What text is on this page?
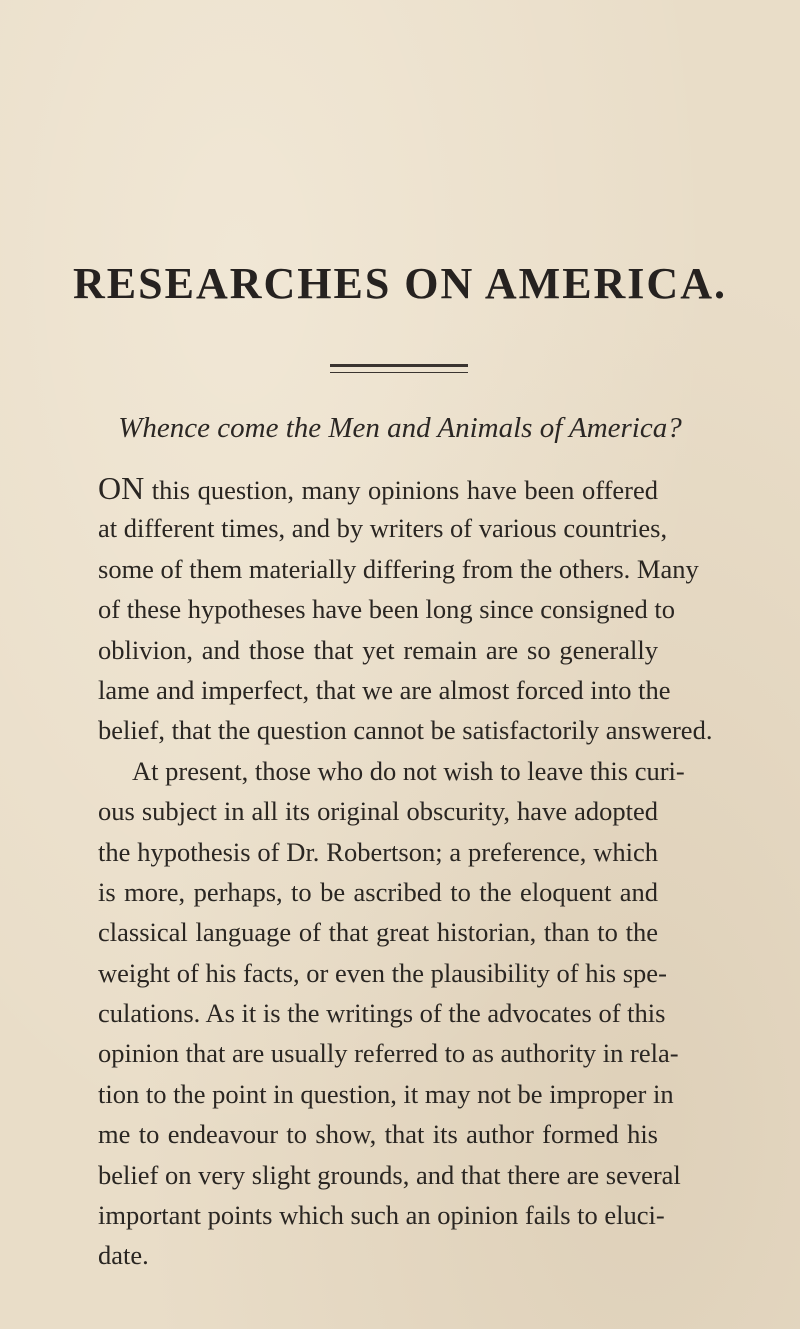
RESEARCHES ON AMERICA.
Whence come the Men and Animals of America?
ON this question, many opinions have been offered
at different times, and by writers of various countries,
some of them materially differing from the others. Many
of these hypotheses have been long since consigned to
oblivion, and those that yet remain are so generally
lame and imperfect, that we are almost forced into the
belief, that the question cannot be satisfactorily answered.
At present, those who do not wish to leave this curi-
ous subject in all its original obscurity, have adopted
the hypothesis of Dr. Robertson; a preference, which
is more, perhaps, to be ascribed to the eloquent and
classical language of that great historian, than to the
weight of his facts, or even the plausibility of his spe-
culations. As it is the writings of the advocates of this
opinion that are usually referred to as authority in rela-
tion to the point in question, it may not be improper in
me to endeavour to show, that its author formed his
belief on very slight grounds, and that there are several
important points which such an opinion fails to eluci-
date.
